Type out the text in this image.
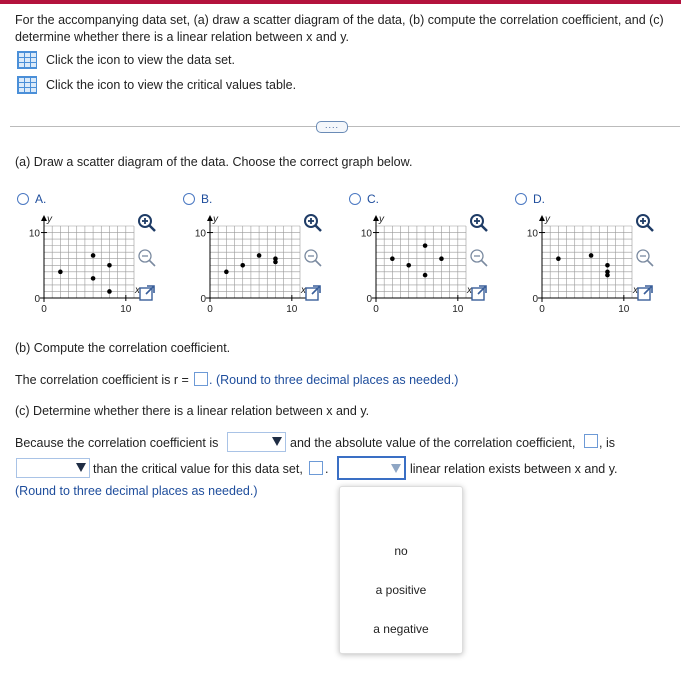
For the accompanying data set, (a) draw a scatter diagram of the data, (b) compute the correlation coefficient, and (c)
determine whether there is a linear relation between x and y.
Click the icon to view the data set.
Click the icon to view the critical values table.
....
(a) Draw a scatter diagram of the data. Choose the correct graph below.
A.	B.	C.	D.
y
10
0
0	10
x
y
10
0
0	10
x
y
10
0
0	10
x
y
10
0
0	10
x
(b) Compute the correlation coefficient.
The correlation coefficient is r = . (Round to three decimal places as needed.)
(c) Determine whether there is a linear relation between x and y.
Because the correlation coefficient is	and the absolute value of the correlation coefficient, , is
than the critical value for this data set, .	linear relation exists between x and y.
(Round to three decimal places as needed.)
no
a positive
a negative
